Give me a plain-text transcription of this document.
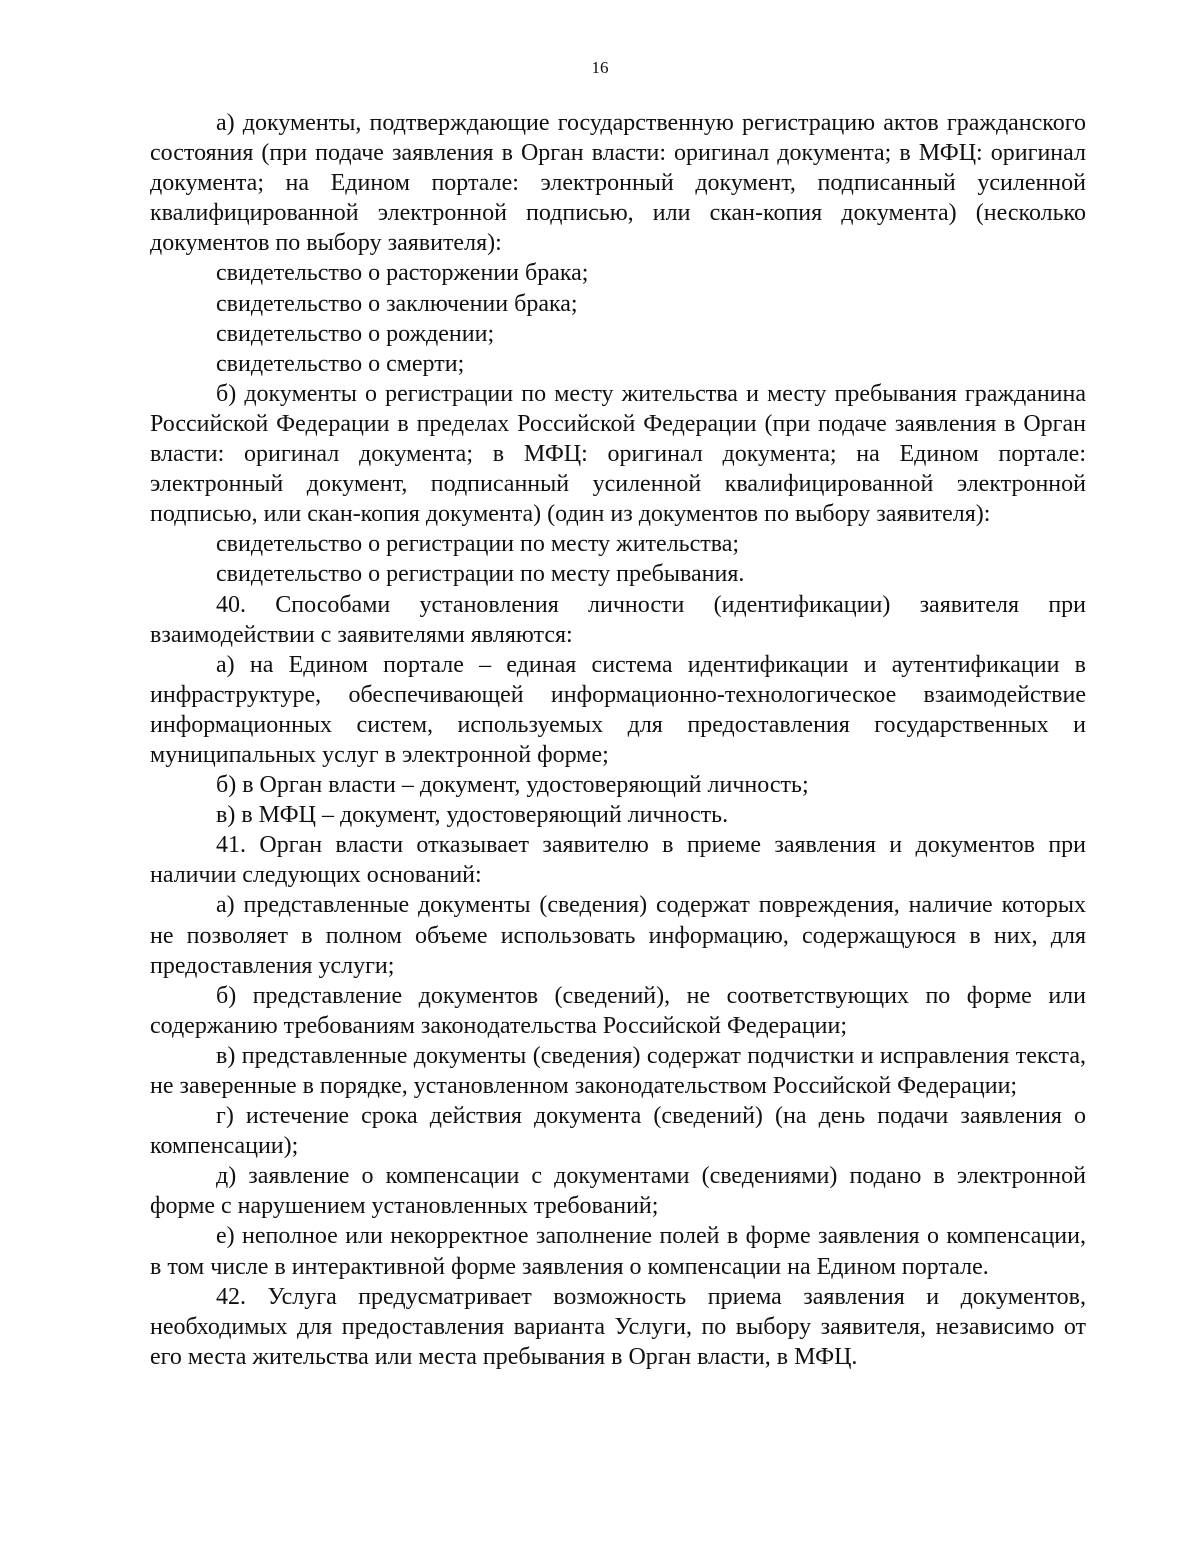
16

а) документы, подтверждающие государственную регистрацию актов гражданского состояния (при подаче заявления в Орган власти: оригинал документа; в МФЦ: оригинал документа; на Едином портале: электронный документ, подписанный усиленной квалифицированной электронной подписью, или скан-копия документа) (несколько документов по выбору заявителя):

свидетельство о расторжении брака;

свидетельство о заключении брака;

свидетельство о рождении;

свидетельство о смерти;

б) документы о регистрации по месту жительства и месту пребывания гражданина Российской Федерации в пределах Российской Федерации (при подаче заявления в Орган власти: оригинал документа; в МФЦ: оригинал документа; на Едином портале: электронный документ, подписанный усиленной квалифицированной электронной подписью, или скан-копия документа) (один из документов по выбору заявителя):

свидетельство о регистрации по месту жительства;

свидетельство о регистрации по месту пребывания.

40. Способами установления личности (идентификации) заявителя при взаимодействии с заявителями являются:

а) на Едином портале – единая система идентификации и аутентификации в инфраструктуре, обеспечивающей информационно-технологическое взаимодействие информационных систем, используемых для предоставления государственных и муниципальных услуг в электронной форме;

б) в Орган власти – документ, удостоверяющий личность;

в) в МФЦ – документ, удостоверяющий личность.

41. Орган власти отказывает заявителю в приеме заявления и документов при наличии следующих оснований:

а) представленные документы (сведения) содержат повреждения, наличие которых не позволяет в полном объеме использовать информацию, содержащуюся в них, для предоставления услуги;

б) представление документов (сведений), не соответствующих по форме или содержанию требованиям законодательства Российской Федерации;

в) представленные документы (сведения) содержат подчистки и исправления текста, не заверенные в порядке, установленном законодательством Российской Федерации;

г) истечение срока действия документа (сведений) (на день подачи заявления о компенсации);

д) заявление о компенсации с документами (сведениями) подано в электронной форме с нарушением установленных требований;

е) неполное или некорректное заполнение полей в форме заявления о компенсации, в том числе в интерактивной форме заявления о компенсации на Едином портале.

42. Услуга предусматривает возможность приема заявления и документов, необходимых для предоставления варианта Услуги, по выбору заявителя, независимо от его места жительства или места пребывания в Орган власти, в МФЦ.
